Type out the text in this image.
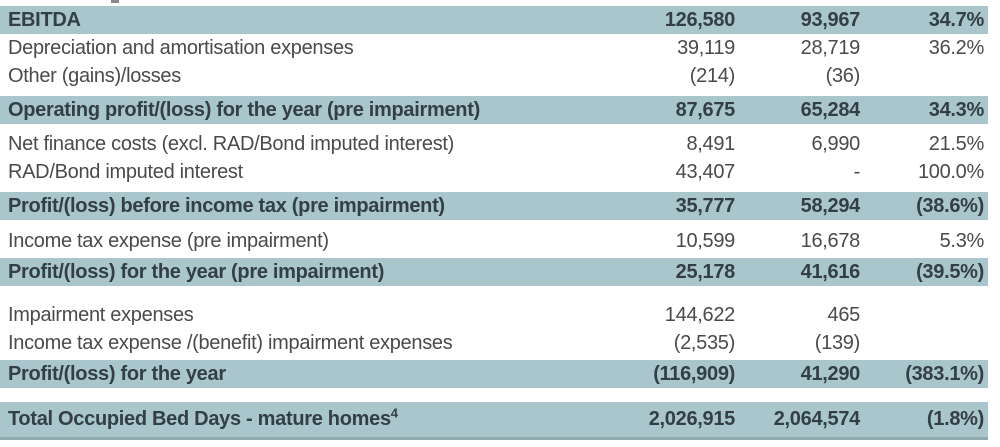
EBITDA	126,580	93,967	34.7%
Depreciation and amortisation expenses	39,119	28,719	36.2%
Other (gains)/losses	(214)	(36)
Operating profit/(loss) for the year (pre impairment)	87,675	65,284	34.3%
Net finance costs (excl. RAD/Bond imputed interest)	8,491	6,990	21.5%
RAD/Bond imputed interest	43,407	-	100.0%
Profit/(loss) before income tax (pre impairment)	35,777	58,294	(38.6%)
Income tax expense (pre impairment)	10,599	16,678	5.3%
Profit/(loss) for the year (pre impairment)	25,178	41,616	(39.5%)
Impairment expenses	144,622	465
Income tax expense /(benefit) impairment expenses	(2,535)	(139)
Profit/(loss) for the year	(116,909)	41,290	(383.1%)
Total Occupied Bed Days - mature homes$^4$	2,026,915	2,064,574	(1.8%)
